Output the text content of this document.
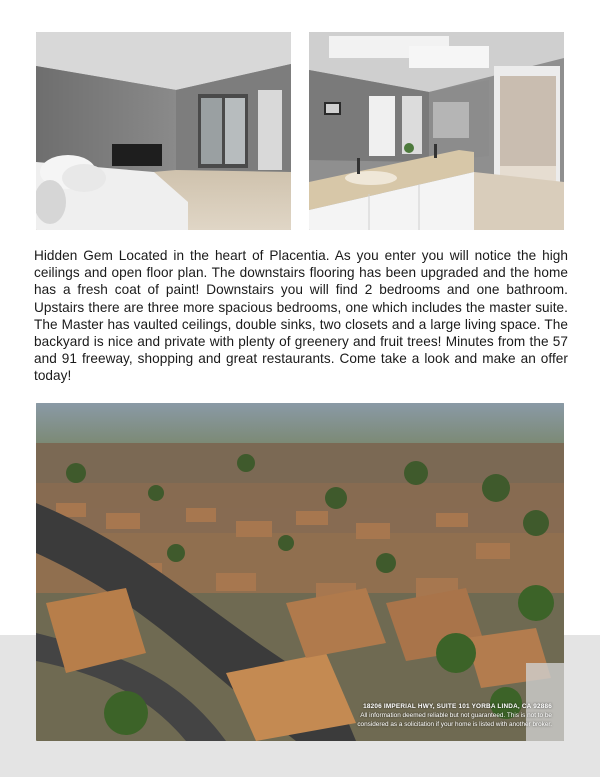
Hidden Gem Located in the heart of Placentia. As you enter you will notice the high ceilings and open floor plan. The downstairs flooring has been upgraded and the home has a fresh coat of paint! Downstairs you will find 2 bedrooms and one bathroom. Upstairs there are three more spacious bedrooms, one which includes the master suite. The Master has vaulted ceilings, double sinks, two closets and a large living space. The backyard is nice and private with plenty of greenery and fruit trees! Minutes from the 57 and 91 freeway, shopping and great restaurants. Come take a look and make an offer today!

18206 IMPERIAL HWY, SUITE 101 YORBA LINDA, CA 92886
All information deemed reliable but not guaranteed. This is not to be
considered as a solicitation if your home is listed with another broker.
